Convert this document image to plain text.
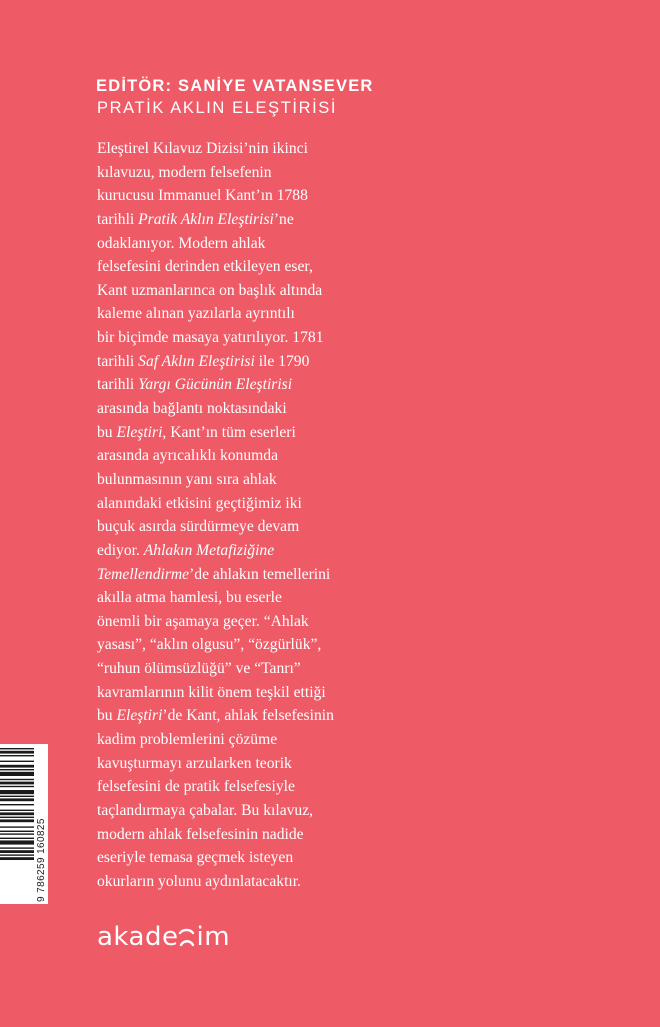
EDİTÖR: SANİYE VATANSEVER
PRATİK AKLIN ELEŞTİRİSİ
Eleştirel Kılavuz Dizisi’nin ikinci
kılavuzu, modern felsefenin
kurucusu Immanuel Kant’ın 1788
tarihli Pratik Aklın Eleştirisi’ne
odaklanıyor. Modern ahlak
felsefesini derinden etkileyen eser,
Kant uzmanlarınca on başlık altında
kaleme alınan yazılarla ayrıntılı
bir biçimde masaya yatırılıyor. 1781
tarihli Saf Aklın Eleştirisi ile 1790
tarihli Yargı Gücünün Eleştirisi
arasında bağlantı noktasındaki
bu Eleştiri, Kant’ın tüm eserleri
arasında ayrıcalıklı konumda
bulunmasının yanı sıra ahlak
alanındaki etkisini geçtiğimiz iki
buçuk asırda sürdürmeye devam
ediyor. Ahlakın Metafiziğine
Temellendirme’de ahlakın temellerini
akılla atma hamlesi, bu eserle
önemli bir aşamaya geçer. “Ahlak
yasası”, “aklın olgusu”, “özgürlük”,
“ruhun ölümsüzlüğü” ve “Tanrı”
kavramlarının kilit önem teşkil ettiği
bu Eleştiri’de Kant, ahlak felsefesinin
kadim problemlerini çözüme
kavuşturmayı arzularken teorik
felsefesini de pratik felsefesiyle
taçlandırmaya çabalar. Bu kılavuz,
modern ahlak felsefesinin nadide
eseriyle temasa geçmek isteyen
okurların yolunu aydınlatacaktır.
9 786259 160825
akade im
